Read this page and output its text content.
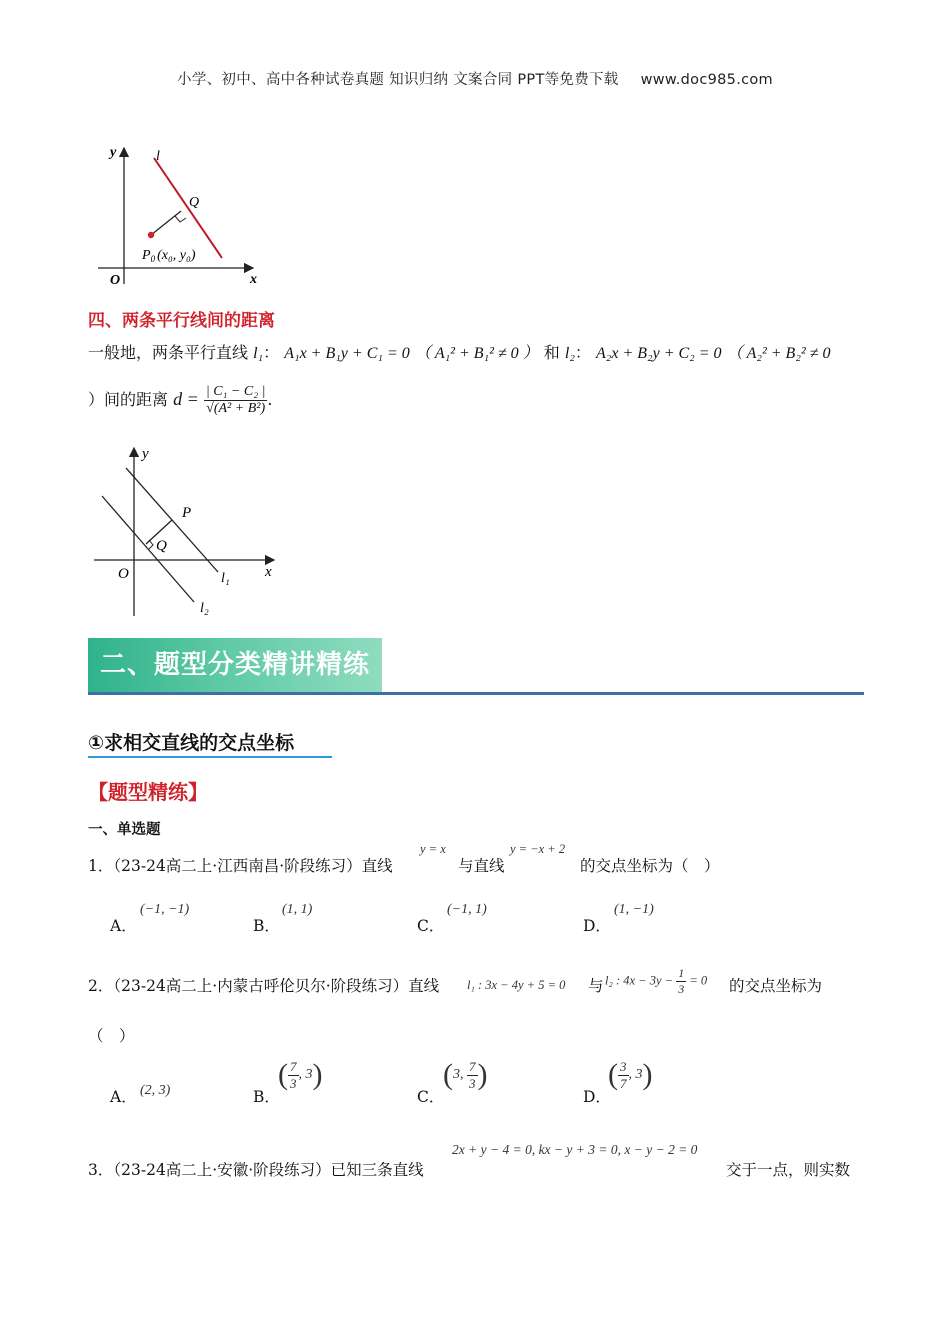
小学、初中、高中各种试卷真题 知识归纳 文案合同 PPT等免费下载 www.doc985.com
y
x
O
l
Q
$P_0$ (x₀, y₀)
四、两条平行线间的距离
一般地，两条平行直线 l₁： A₁x + B₁y + C₁ = 0 （ A₁² + B₁² ≠ 0 ） 和 l₂： A₂x + B₂y + C₂ = 0 （ A₂² + B₂² ≠ 0
）间的距离 $d = \frac{\text{| C₁ − C₂ |}}{\text{√(A² + B²)}}$ .
y
x
O
P
Q
l₁
l₂
二、题型分类精讲精练
①求相交直线的交点坐标
【题型精练】
一、单选题
1．（23-24高二上·江西南昌·阶段练习）直线
y = x
与直线
y = −x + 2
的交点坐标为（　）
A．
(−1, −1)
B．
(1, 1)
C．
(−1, 1)
D．
(1, −1)
2．（23-24高二上·内蒙古呼伦贝尔·阶段练习）直线 l₁ : 3x − 4y + 5 = 0 与 l₂ : $4x - 3y - \frac{1}{3} = 0$ 的交点坐标为
（　）
A． (2, 3)	B．
( $\frac{7}{3}$ , 3)
C．
(3, $\frac{7}{3}$ )
D．
( $\frac{3}{7}$ , 3)
3．（23-24高二上·安徽·阶段练习）已知三条直线
2x + y − 4 = 0, kx − y + 3 = 0, x − y − 2 = 0
交于一点，则实数
